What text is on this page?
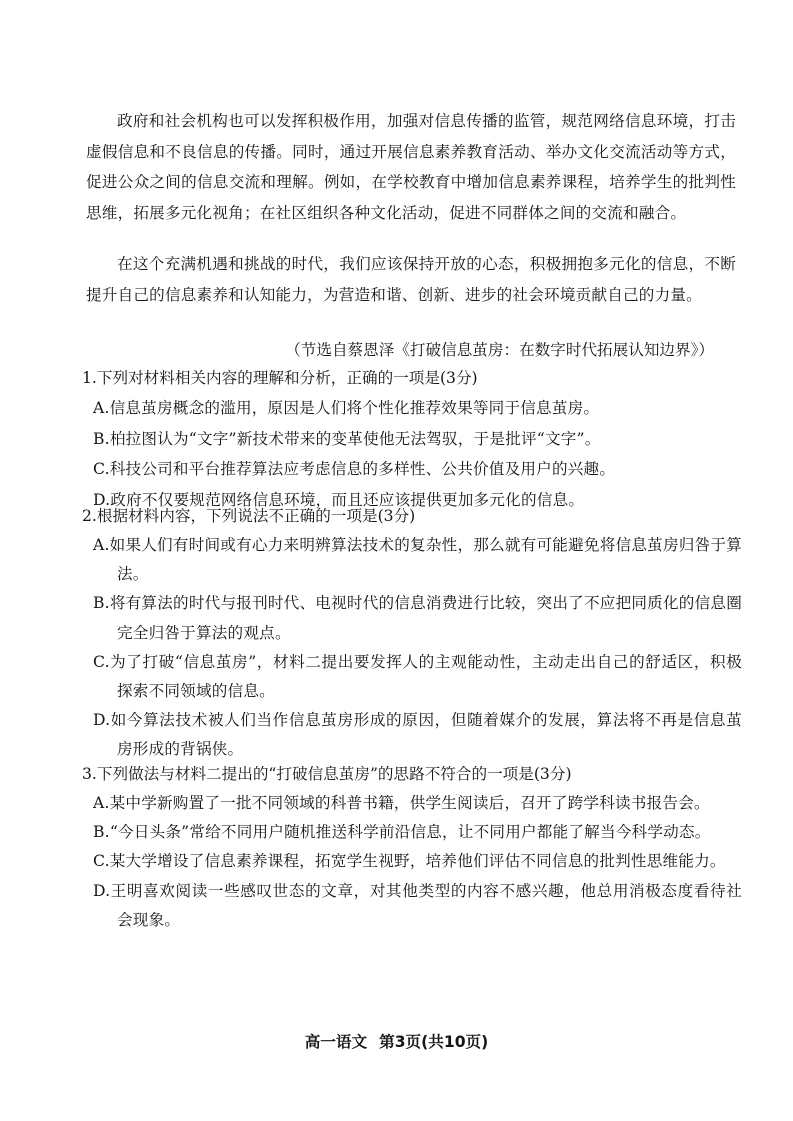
政府和社会机构也可以发挥积极作用，加强对信息传播的监管，规范网络信息环境，打击虚假信息和不良信息的传播。同时，通过开展信息素养教育活动、举办文化交流活动等方式，促进公众之间的信息交流和理解。例如，在学校教育中增加信息素养课程，培养学生的批判性思维，拓展多元化视角；在社区组织各种文化活动，促进不同群体之间的交流和融合。

在这个充满机遇和挑战的时代，我们应该保持开放的心态，积极拥抱多元化的信息，不断提升自己的信息素养和认知能力，为营造和谐、创新、进步的社会环境贡献自己的力量。

（节选自蔡恩泽《打破信息茧房：在数字时代拓展认知边界》）

1.下列对材料相关内容的理解和分析，正确的一项是(3分)

A.信息茧房概念的滥用，原因是人们将个性化推荐效果等同于信息茧房。

B.柏拉图认为“文字”新技术带来的变革使他无法驾驭，于是批评“文字”。

C.科技公司和平台推荐算法应考虑信息的多样性、公共价值及用户的兴趣。

D.政府不仅要规范网络信息环境，而且还应该提供更加多元化的信息。

2.根据材料内容，下列说法不正确的一项是(3分)

A.如果人们有时间或有心力来明辨算法技术的复杂性，那么就有可能避免将信息茧房归咎于算法。

B.将有算法的时代与报刊时代、电视时代的信息消费进行比较，突出了不应把同质化的信息圈完全归咎于算法的观点。

C.为了打破“信息茧房”，材料二提出要发挥人的主观能动性，主动走出自己的舒适区，积极探索不同领域的信息。

D.如今算法技术被人们当作信息茧房形成的原因，但随着媒介的发展，算法将不再是信息茧房形成的背锅侠。

3.下列做法与材料二提出的“打破信息茧房”的思路不符合的一项是(3分)

A.某中学新购置了一批不同领域的科普书籍，供学生阅读后，召开了跨学科读书报告会。

B.“今日头条”常给不同用户随机推送科学前沿信息，让不同用户都能了解当今科学动态。

C.某大学增设了信息素养课程，拓宽学生视野，培养他们评估不同信息的批判性思维能力。

D.王明喜欢阅读一些感叹世态的文章，对其他类型的内容不感兴趣，他总用消极态度看待社会现象。

高一语文 第3页(共10页)
